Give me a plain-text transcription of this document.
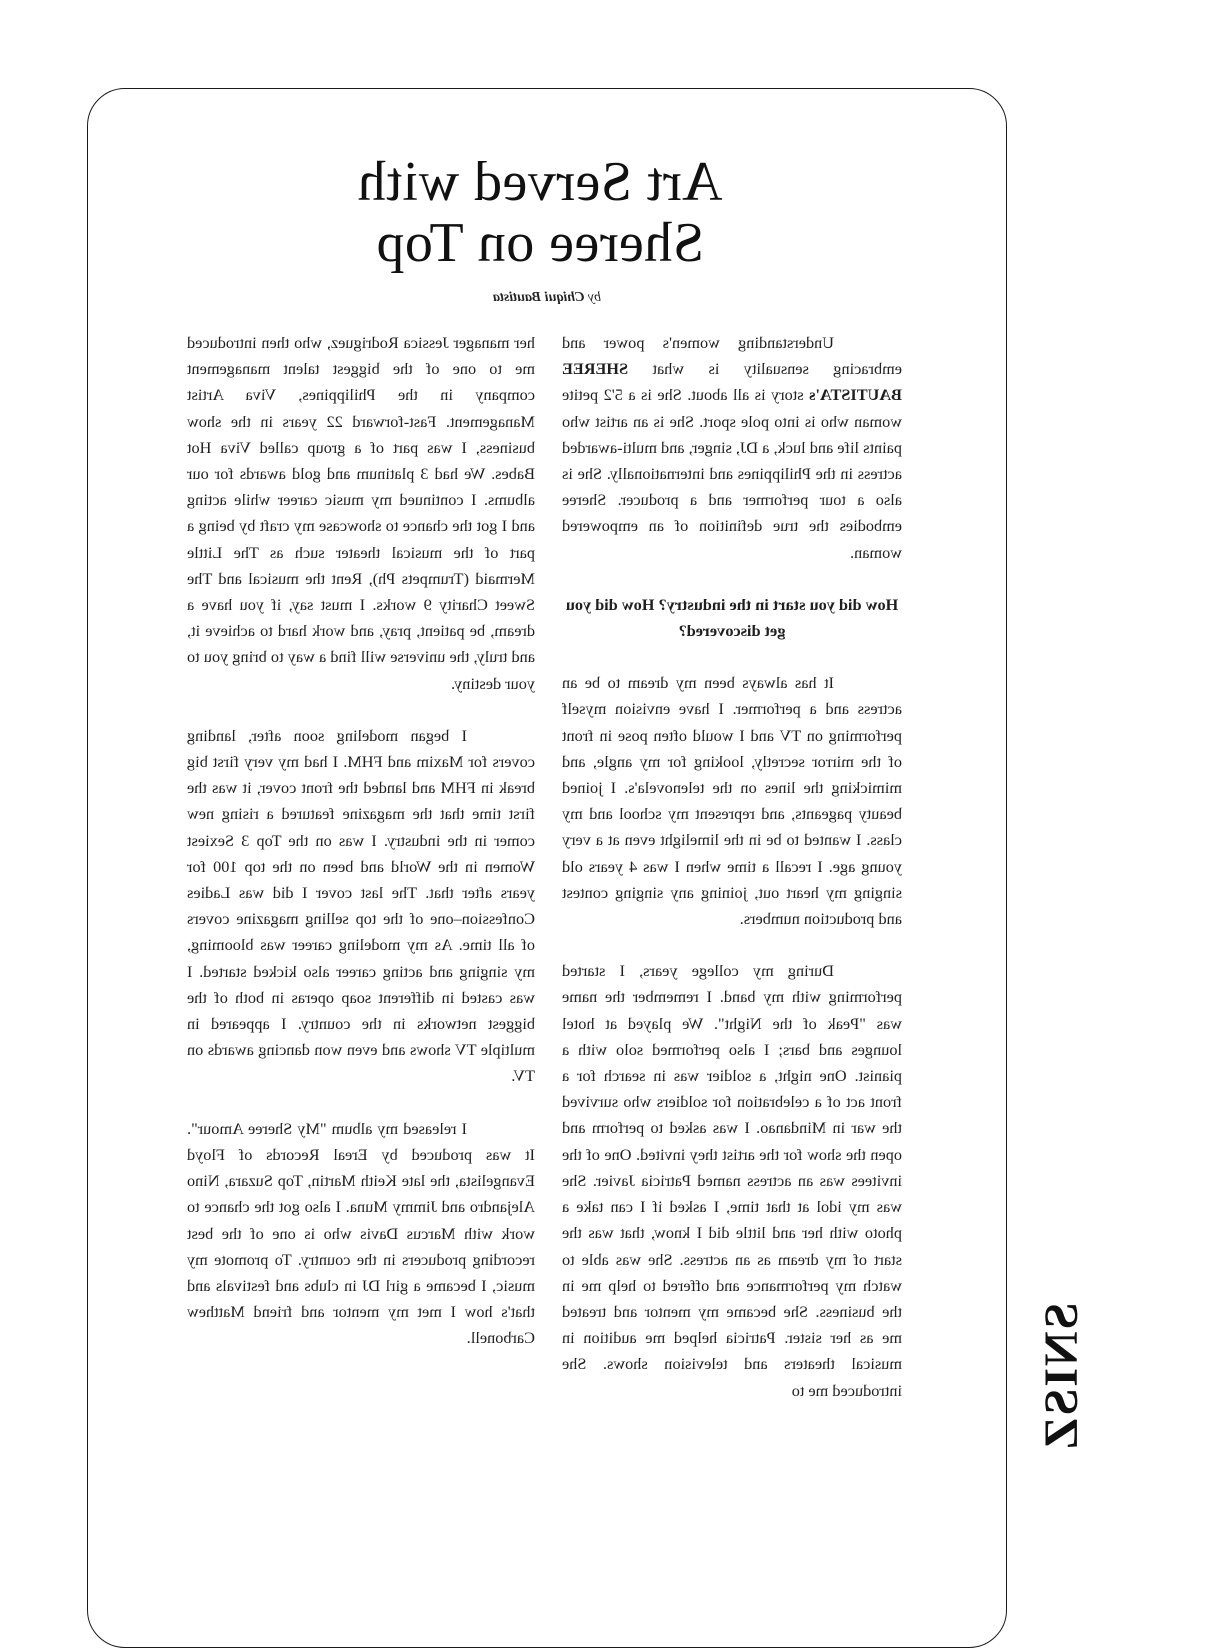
Art Served with
Sheree on Top
by Chiqui Bautista

Understanding women's power and embracing sensuality is what SHEREE BAUTISTA's story is all about. She is a 5'2 petite woman who is into pole sport. She is an artist who paints life and luck, a DJ, singer, and multi-awarded actress in the Philippines and internationally. She is also a tour performer and a producer. Sheree embodies the true definition of an empowered woman.

How did you start in the industry? How did you get discovered?

It has always been my dream to be an actress and a performer. I have envision myself performing on TV and I would often pose in front of the mirror secretly, looking for my angle, and mimicking the lines on the telenovela's. I joined beauty pageants, and represent my school and my class. I wanted to be in the limelight even at a very young age. I recall a time when I was 4 years old singing my heart out, joining any singing contest and production numbers.

During my college years, I started performing with my band. I remember the name was "Peak of the Night". We played at hotel lounges and bars; I also performed solo with a pianist. One night, a soldier was in search for a front act of a celebration for soldiers who survived the war in Mindanao. I was asked to perform and open the show for the artist they invited. One of the invitees was an actress named Patricia Javier. She was my idol at that time, I asked if I can take a photo with her and little did I know, that was the start of my dream as an actress. She was able to watch my performance and offered to help me in the business. She became my mentor and treated me as her sister. Patricia helped me audition in musical theaters and television shows. She introduced me to

her manager Jessica Rodriguez, who then introduced me to one of the biggest talent management company in the Philippines, Viva Artist Management. Fast-forward 22 years in the show business, I was part of a group called Viva Hot Babes. We had 3 platinum and gold awards for our albums. I continued my music career while acting and I got the chance to showcase my craft by being a part of the musical theater such as The Little Mermaid (Trumpets Ph), Rent the musical and The Sweet Charity 9 works. I must say, if you have a dream, be patient, pray, and work hard to achieve it, and truly, the universe will find a way to bring you to your destiny.

I began modeling soon after, landing covers for Maxim and FHM. I had my very first big break in FHM and landed the front cover, it was the first time that the magazine featured a rising new comer in the industry. I was on the Top 3 Sexiest Women in the World and been on the top 100 for years after that. The last cover I did was Ladies Confession–one of the top selling magazine covers of all time. As my modeling career was blooming, my singing and acting career also kicked started. I was casted in different soap operas in both of the biggest networks in the country. I appeared in multiple TV shows and even won dancing awards on TV.

I released my album "My Sheree Amour". It was produced by Ereal Records of Floyd Evangelista, the late Keith Martin, Top Suzara, Nino Alejandro and Jimmy Muna. I also got the chance to work with Marcus Davis who is one of the best recording producers in the country. To promote my music, I became a girl DJ in clubs and festivals and that's how I met my mentor and friend Matthew Carbonell.	SNISZ
